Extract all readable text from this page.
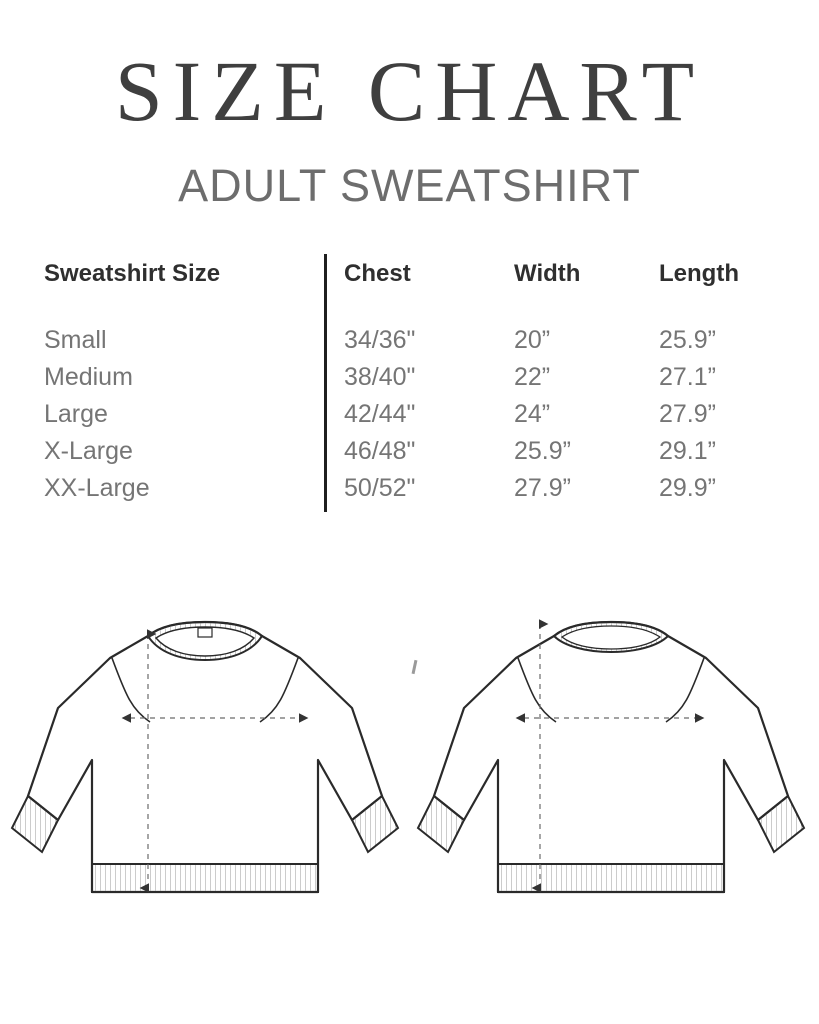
SIZE CHART
ADULT SWEATSHIRT
Sweatshirt Size	Chest	Width	Length
Small	34/36"	20”	25.9”
Medium	38/40"	22”	27.1”
Large	42/44"	24”	27.9”
X-Large	46/48"	25.9”	29.1”
XX-Large	50/52"	27.9”	29.9”
